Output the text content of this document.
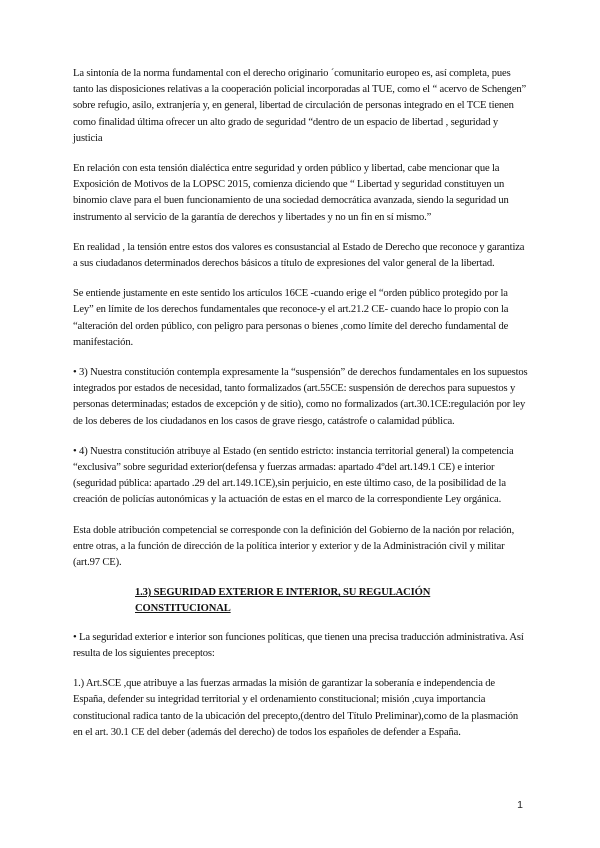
La sintonía de la norma fundamental con el derecho originario ´comunitario europeo es, así completa, pues tanto las disposiciones relativas a la cooperación policial incorporadas al TUE, como el “ acervo de Schengen” sobre refugio, asilo, extranjería y, en general, libertad de circulación de personas integrado en el TCE tienen como finalidad última ofrecer un alto grado de seguridad “dentro de un espacio de libertad , seguridad y justicia

En relación con esta tensión dialéctica entre seguridad y orden público y libertad, cabe mencionar que la Exposición de Motivos de la LOPSC 2015, comienza diciendo que “ Libertad y seguridad constituyen un binomio clave para el buen funcionamiento de una sociedad democrática avanzada, siendo la seguridad un instrumento al servicio de la garantía de derechos y libertades y no un fin en sí mismo.”

En realidad , la tensión entre estos dos valores es consustancial al Estado de Derecho que reconoce y garantiza a sus ciudadanos determinados derechos básicos a título de expresiones del valor general de la libertad.

Se entiende justamente en este sentido los artículos 16CE -cuando erige el “orden público protegido por la Ley” en límite de los derechos fundamentales que reconoce-y el art.21.2 CE- cuando hace lo propio con la “alteración del orden público, con peligro para personas o bienes ,como límite del derecho fundamental de manifestación.

• 3) Nuestra constitución contempla expresamente la “suspensión” de derechos fundamentales en los supuestos integrados por estados de necesidad, tanto formalizados (art.55CE: suspensión de derechos para supuestos y personas determinadas; estados de excepción y de sitio), como no formalizados (art.30.1CE:regulación por ley de los deberes de los ciudadanos en los casos de grave riesgo, catástrofe o calamidad pública.

• 4) Nuestra constitución atribuye al Estado (en sentido estricto: instancia territorial general) la competencia “exclusiva” sobre seguridad exterior(defensa y fuerzas armadas: apartado 4ºdel art.149.1 CE) e interior (seguridad pública: apartado .29 del art.149.1CE),sin perjuicio, en este último caso, de la posibilidad de la creación de policías autonómicas y la actuación de estas en el marco de la correspondiente Ley orgánica.

Esta doble atribución competencial se corresponde con la definición del Gobierno de la nación por relación, entre otras, a la función de dirección de la política interior y exterior y de la Administración civil y militar (art.97 CE).

1.3) SEGURIDAD EXTERIOR E INTERIOR, SU REGULACIÓN CONSTITUCIONAL

• La seguridad exterior e interior son funciones políticas, que tienen una precisa traducción administrativa. Así resulta de los siguientes preceptos:

1.) Art.SCE ,que atribuye a las fuerzas armadas la misión de garantizar la soberanía e independencia de España, defender su integridad territorial y el ordenamiento constitucional; misión ,cuya importancia constitucional radica tanto de la ubicación del precepto,(dentro del Título Preliminar),como de la plasmación en el art. 30.1 CE del deber (además del derecho) de todos los españoles de defender a España.

1
